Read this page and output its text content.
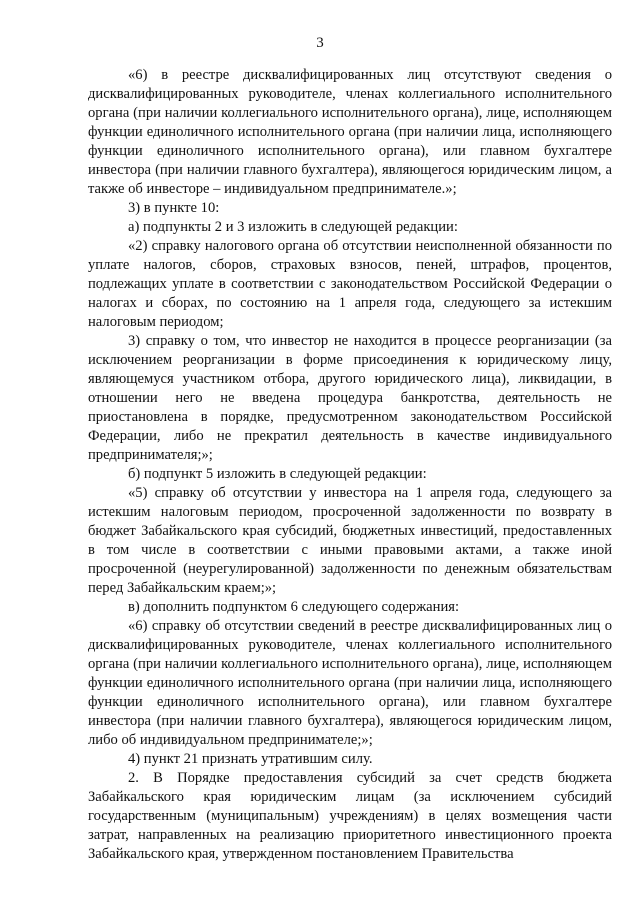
3

«6) в реестре дисквалифицированных лиц отсутствуют сведения о дисквалифицированных руководителе, членах коллегиального исполнительного органа (при наличии коллегиального исполнительного органа), лице, исполняющем функции единоличного исполнительного органа (при наличии лица, исполняющего функции единоличного исполнительного органа), или главном бухгалтере инвестора (при наличии главного бухгалтера), являющегося юридическим лицом, а также об инвесторе – индивидуальном предпринимателе.»;

3) в пункте 10:

а) подпункты 2 и 3 изложить в следующей редакции:

«2) справку налогового органа об отсутствии неисполненной обязанности по уплате налогов, сборов, страховых взносов, пеней, штрафов, процентов, подлежащих уплате в соответствии с законодательством Российской Федерации о налогах и сборах, по состоянию на 1 апреля года, следующего за истекшим налоговым периодом;

3) справку о том, что инвестор не находится в процессе реорганизации (за исключением реорганизации в форме присоединения к юридическому лицу, являющемуся участником отбора, другого юридического лица), ликвидации, в отношении него не введена процедура банкротства, деятельность не приостановлена в порядке, предусмотренном законодательством Российской Федерации, либо не прекратил деятельность в качестве индивидуального предпринимателя;»;

б) подпункт 5 изложить в следующей редакции:

«5) справку об отсутствии у инвестора на 1 апреля года, следующего за истекшим налоговым периодом, просроченной задолженности по возврату в бюджет Забайкальского края субсидий, бюджетных инвестиций, предоставленных в том числе в соответствии с иными правовыми актами, а также иной просроченной (неурегулированной) задолженности по денежным обязательствам перед Забайкальским краем;»;

в) дополнить подпунктом 6 следующего содержания:

«6) справку об отсутствии сведений в реестре дисквалифицированных лиц о дисквалифицированных руководителе, членах коллегиального исполнительного органа (при наличии коллегиального исполнительного органа), лице, исполняющем функции единоличного исполнительного органа (при наличии лица, исполняющего функции единоличного исполнительного органа), или главном бухгалтере инвестора (при наличии главного бухгалтера), являющегося юридическим лицом, либо об индивидуальном предпринимателе;»;

4) пункт 21 признать утратившим силу.

2. В Порядке предоставления субсидий за счет средств бюджета Забайкальского края юридическим лицам (за исключением субсидий государственным (муниципальным) учреждениям) в целях возмещения части затрат, направленных на реализацию приоритетного инвестиционного проекта Забайкальского края, утвержденном постановлением Правительства
